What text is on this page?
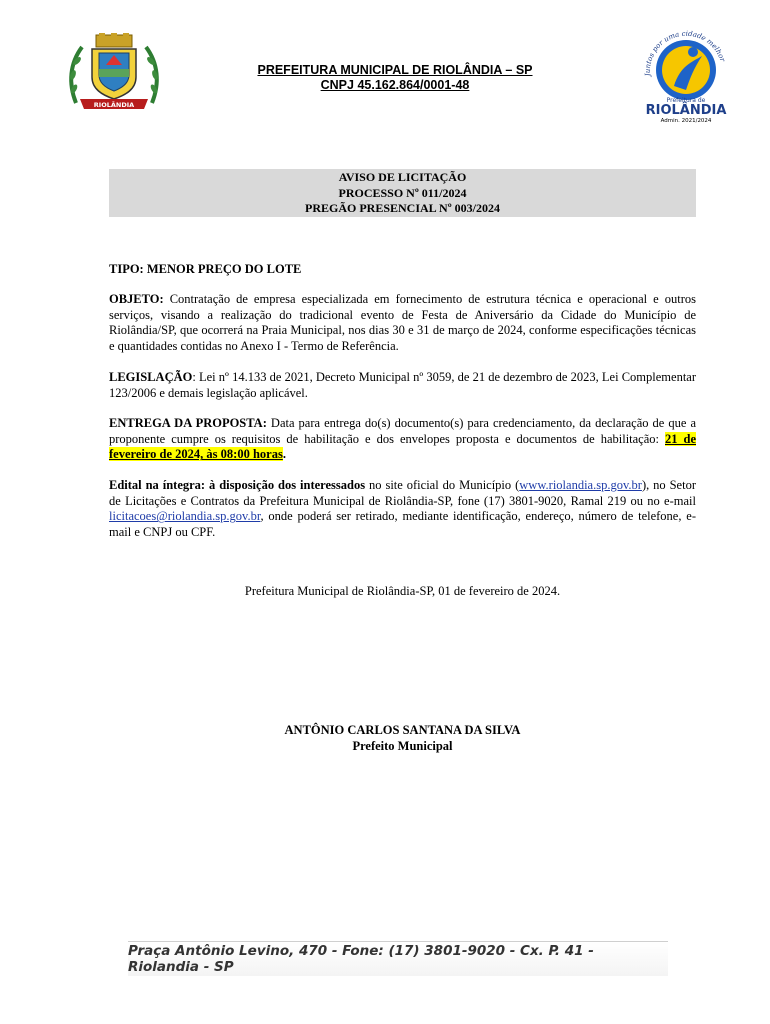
RIOLÂNDIA
PREFEITURA MUNICIPAL DE RIOLÂNDIA – SP
CNPJ 45.162.864/0001-48
Juntos por uma cidade melhor
Prefeitura de
RIOLÂNDIA
Admin. 2021/2024
AVISO DE LICITAÇÃO
PROCESSO Nº 011/2024
PREGÃO PRESENCIAL Nº 003/2024
TIPO: MENOR PREÇO DO LOTE
OBJETO: Contratação de empresa especializada em fornecimento de estrutura técnica e operacional e outros serviços, visando a realização do tradicional evento de Festa de Aniversário da Cidade do Município de Riolândia/SP, que ocorrerá na Praia Municipal, nos dias 30 e 31 de março de 2024, conforme especificações técnicas e quantidades contidas no Anexo I - Termo de Referência.
LEGISLAÇÃO: Lei nº 14.133 de 2021, Decreto Municipal nº 3059, de 21 de dezembro de 2023, Lei Complementar 123/2006 e demais legislação aplicável.
ENTREGA DA PROPOSTA: Data para entrega do(s) documento(s) para credenciamento, da declaração de que a proponente cumpre os requisitos de habilitação e dos envelopes proposta e documentos de habilitação: 21 de fevereiro de 2024, às 08:00 horas.
Edital na íntegra: à disposição dos interessados no site oficial do Município (www.riolandia.sp.gov.br), no Setor de Licitações e Contratos da Prefeitura Municipal de Riolândia-SP, fone (17) 3801-9020, Ramal 219 ou no e-mail licitacoes@riolandia.sp.gov.br, onde poderá ser retirado, mediante identificação, endereço, número de telefone, e-mail e CNPJ ou CPF.
Prefeitura Municipal de Riolândia-SP, 01 de fevereiro de 2024.
ANTÔNIO CARLOS SANTANA DA SILVA
Prefeito Municipal
Praça Antônio Levino, 470 - Fone: (17) 3801-9020 - Cx. P. 41 - Riolandia - SP
